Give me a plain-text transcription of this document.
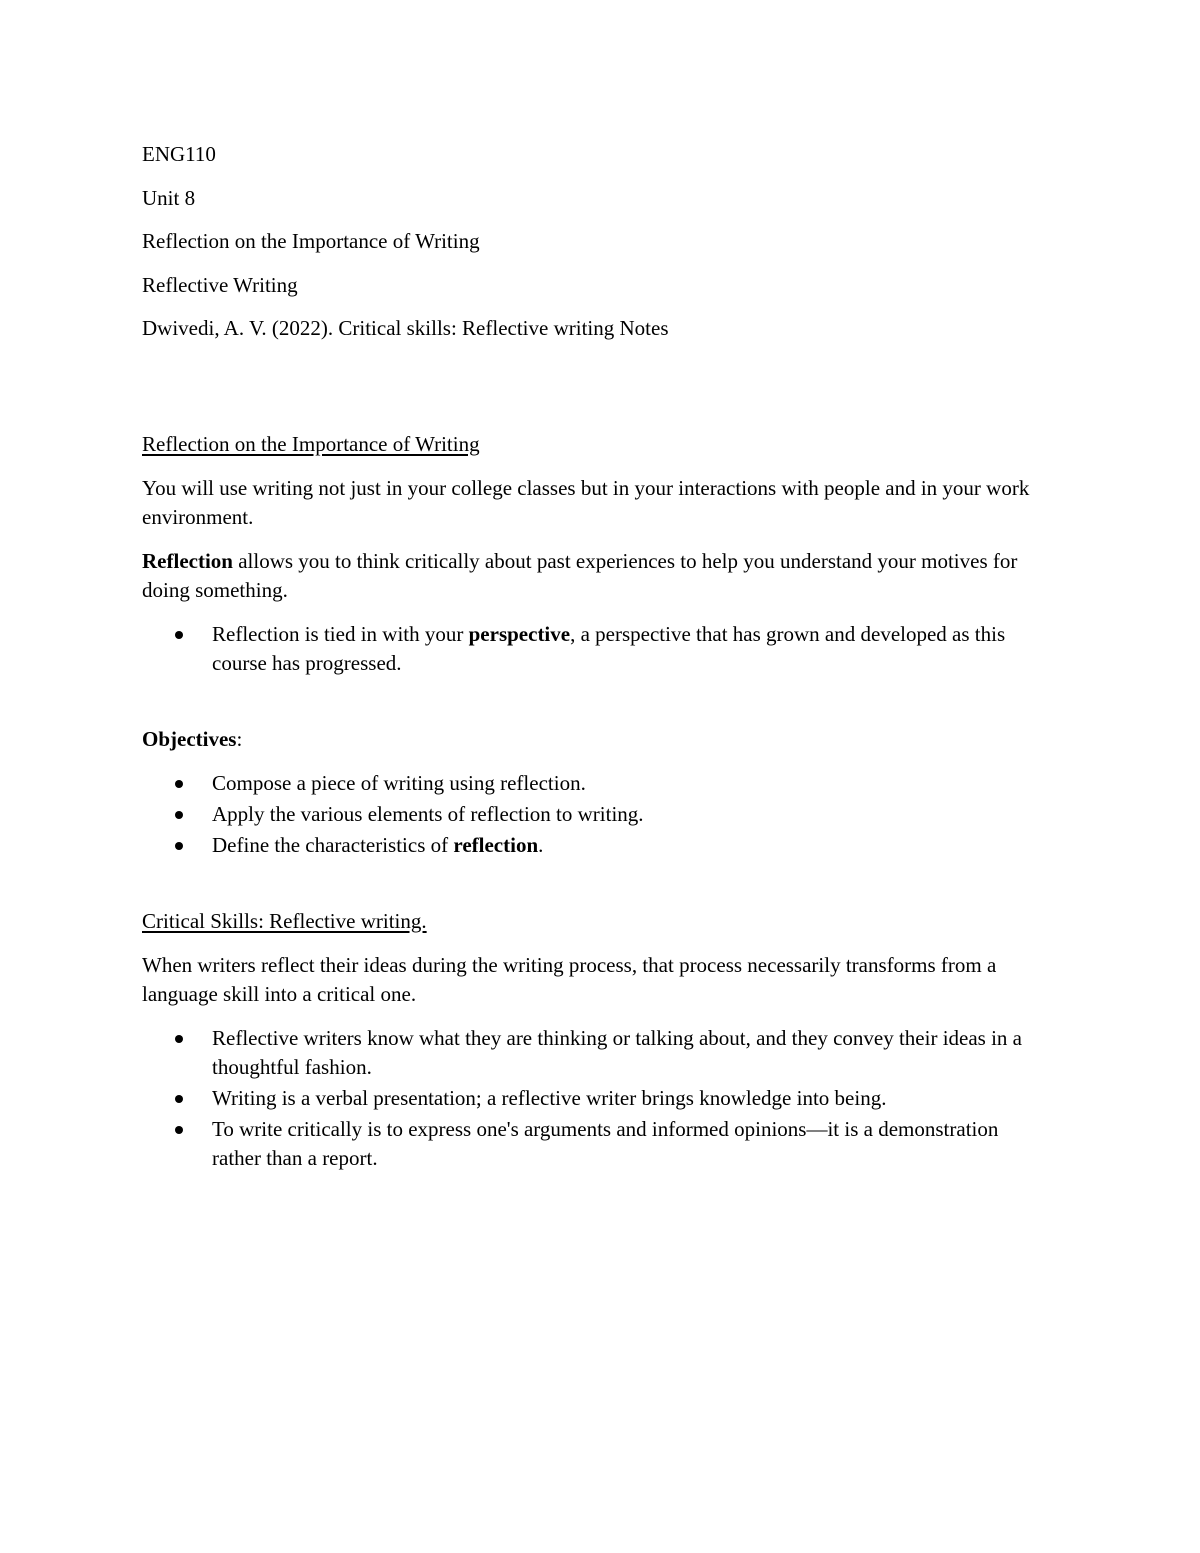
ENG110

Unit 8

Reflection on the Importance of Writing

Reflective Writing

Dwivedi, A. V. (2022). Critical skills: Reflective writing Notes

Reflection on the Importance of Writing

You will use writing not just in your college classes but in your interactions with people and in your work environment.

Reflection allows you to think critically about past experiences to help you understand your motives for doing something.

Reflection is tied in with your perspective, a perspective that has grown and developed as this course has progressed.

Objectives:

Compose a piece of writing using reflection.
Apply the various elements of reflection to writing.
Define the characteristics of reflection.

Critical Skills: Reflective writing.

When writers reflect their ideas during the writing process, that process necessarily transforms from a language skill into a critical one.

Reflective writers know what they are thinking or talking about, and they convey their ideas in a thoughtful fashion.
Writing is a verbal presentation; a reflective writer brings knowledge into being.
To write critically is to express one's arguments and informed opinions—it is a demonstration rather than a report.
